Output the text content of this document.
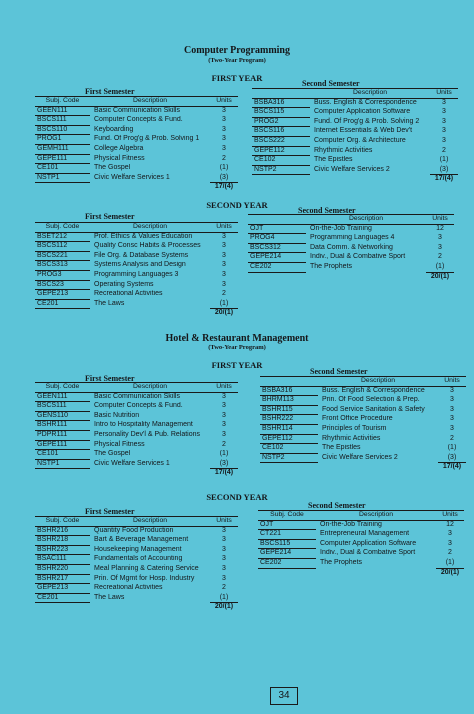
Computer Programming
(Two-Year Program)
FIRST YEAR
First Semester
Subj. Code	Description	Units
GEEN111	Basic Communication Skills	3
BSCS111	Computer Concepts & Fund.	3
BSCS110	Keyboarding	3
PROG1	Fund. Of Prog'g & Prob. Solving 1	3
GEMH111	College Algebra	3
GEPE111	Physical Fitness	2
CE101	The Gospel	(1)
NSTP1	Civic Welfare Services 1	(3)
		17/(4)
Second Semester
	Description	Units
BSBA316	Buss. English & Correspondence	3
BSCS115	Computer Application Software	3
PROG2	Fund. Of Prog'g & Prob. Solving 2	3
BSCS116	Internet Essentials & Web Dev't	3
BSCS222	Computer Org. & Architecture	3
GEPE112	Rhythmic Activities	2
CE102	The Epistles	(1)
NSTP2	Civic Welfare Services 2	(3)
		17/(4)
SECOND YEAR
First Semester
Subj. Code	Description	Units
BSET212	Prof. Ethics & Values Education	3
BSCS112	Quality Consc Habits & Processes	3
BSCS221	File Org. & Database Systems	3
BSCS313	Systems Analysis and Design	3
PROG3	Programming Languages 3	3
BSCS23	Operating Systems	3
GEPE213	Recreational Activities	2
CE201	The Laws	(1)
		20/(1)
Second Semester
	Description	Units
OJT	On-the-Job Training	12
PROG4	Programming Languages 4	3
BSCS312	Data Comm. & Networking	3
GEPE214	Indiv., Dual & Combative Sport	2
CE202	The Prophets	(1)
		20/(1)
Hotel & Restaurant Management
(Two-Year Program)
FIRST YEAR
First Semester
Subj. Code	Description	Units
GEEN111	Basic Communication Skills	3
BSCS111	Computer Concepts & Fund.	3
GENS110	Basic Nutrition	3
BSHR111	Intro to Hospitality Management	3
PDPR111	Personality Dev'l & Pub. Relations	3
GEPE111	Physical Fitness	2
CE101	The Gospel	(1)
NSTP1	Civic Welfare Services 1	(3)
		17/(4)
Second Semester
	Description	Units
BSBA316	Buss. English & Correspondence	3
BHRM113	Prin. Of Food Selection & Prep.	3
BSHR115	Food Service Sanitation & Safety	3
BSHR222	Front Office Procedure	3
BSHR114	Principles of Tourism	3
GEPE112	Rhythmic Activities	2
CE102	The Epistles	(1)
NSTP2	Civic Welfare Services 2	(3)
		17/(4)
SECOND YEAR
First Semester
Subj. Code	Description	Units
BSHR216	Quantity Food Production	3
BSHR218	Bart & Beverage Management	3
BSHR223	Housekeeping Management	3
BSAC111	Fundamentals of Accounting	3
BSHR220	Meal Planning & Catering Service	3
BSHR217	Prin. Of Mgmt for Hosp. Industry	3
GEPE213	Recreational Activities	2
CE201	The Laws	(1)
		20/(1)
Second Semester
Subj. Code	Description	Units
OJT	On-the-Job Training	12
CT221	Entrepreneural Management	3
BSCS115	Computer Application Software	3
GEPE214	Indiv., Dual & Combative Sport	2
CE202	The Prophets	(1)
		20/(1)
34
